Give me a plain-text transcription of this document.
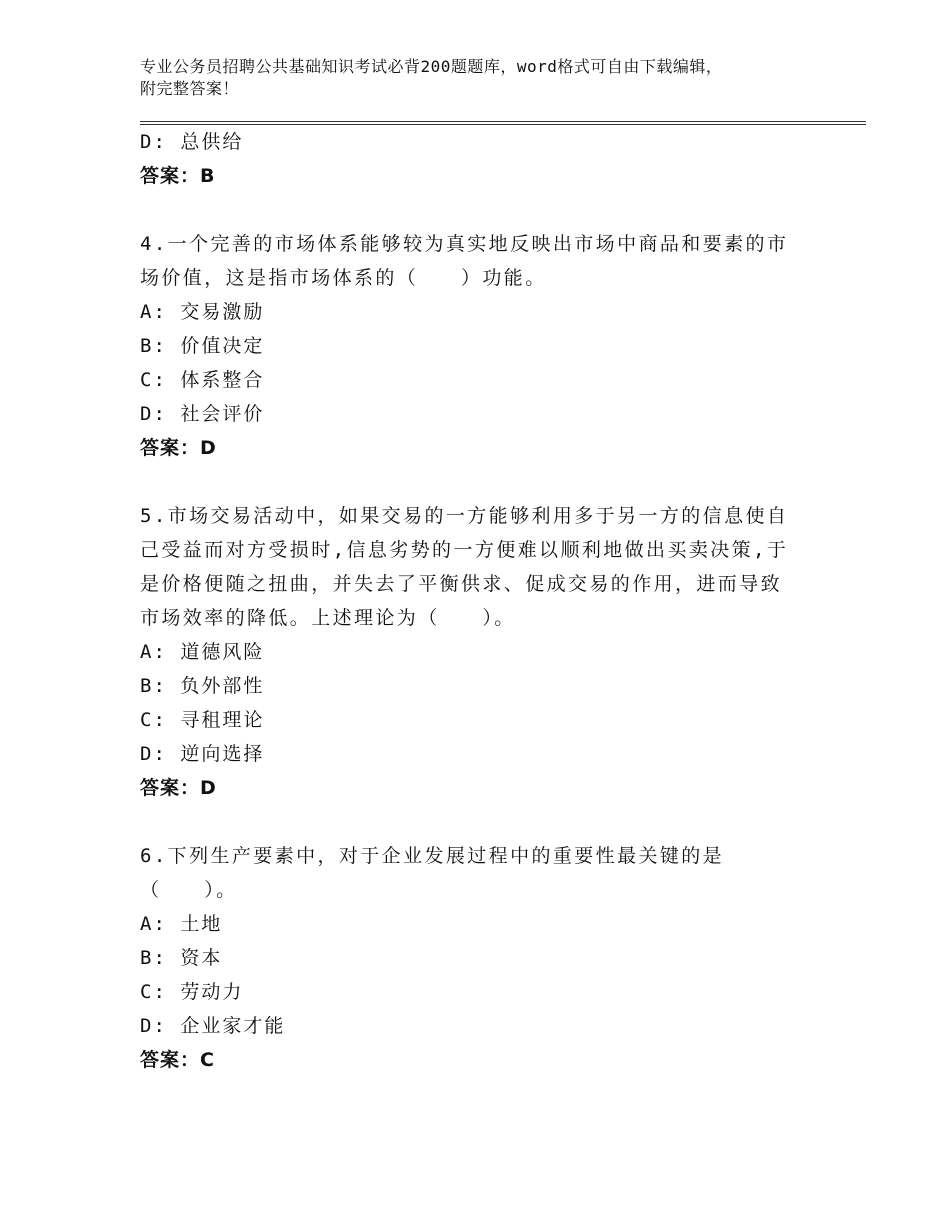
专业公务员招聘公共基础知识考试必背200题题库，word格式可自由下载编辑，
附完整答案！
D: 总供给
答案：B
4.一个完善的市场体系能够较为真实地反映出市场中商品和要素的市
场价值，这是指市场体系的（　　）功能。
A: 交易激励
B: 价值决定
C: 体系整合
D: 社会评价
答案：D
5.市场交易活动中，如果交易的一方能够利用多于另一方的信息使自
己受益而对方受损时,信息劣势的一方便难以顺利地做出买卖决策,于
是价格便随之扭曲，并失去了平衡供求、促成交易的作用，进而导致
市场效率的降低。上述理论为（　　）。
A: 道德风险
B: 负外部性
C: 寻租理论
D: 逆向选择
答案：D
6.下列生产要素中，对于企业发展过程中的重要性最关键的是
（　　）。
A: 土地
B: 资本
C: 劳动力
D: 企业家才能
答案：C
